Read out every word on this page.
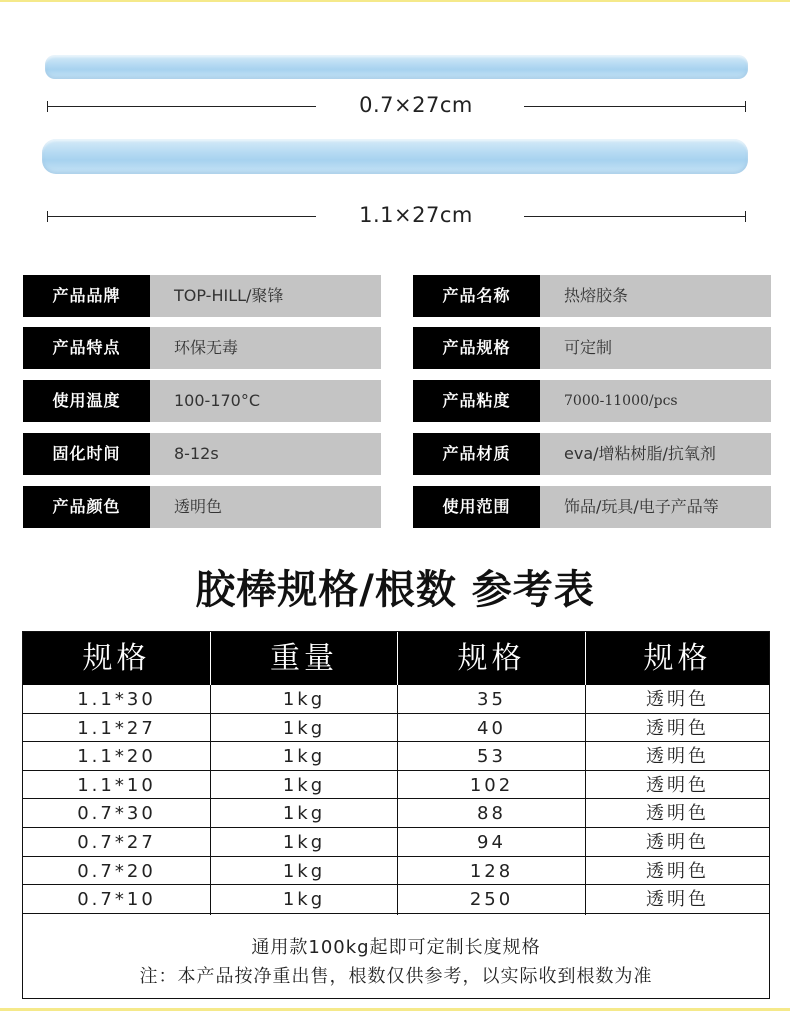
0.7×27cm
1.1×27cm
产品品牌	TOP-HILL/聚锋
产品特点	环保无毒
使用温度	100-170°C
固化时间	8-12s
产品颜色	透明色
产品名称	热熔胶条
产品规格	可定制
产品粘度	7000-11000/pcs
产品材质	eva/增粘树脂/抗氧剂
使用范围	饰品/玩具/电子产品等
胶棒规格/根数 参考表
规格	重量	规格	规格
1.1*30	1kg	35	透明色
1.1*27	1kg	40	透明色
1.1*20	1kg	53	透明色
1.1*10	1kg	102	透明色
0.7*30	1kg	88	透明色
0.7*27	1kg	94	透明色
0.7*20	1kg	128	透明色
0.7*10	1kg	250	透明色
通用款100kg起即可定制长度规格
注：本产品按净重出售，根数仅供参考，以实际收到根数为准
